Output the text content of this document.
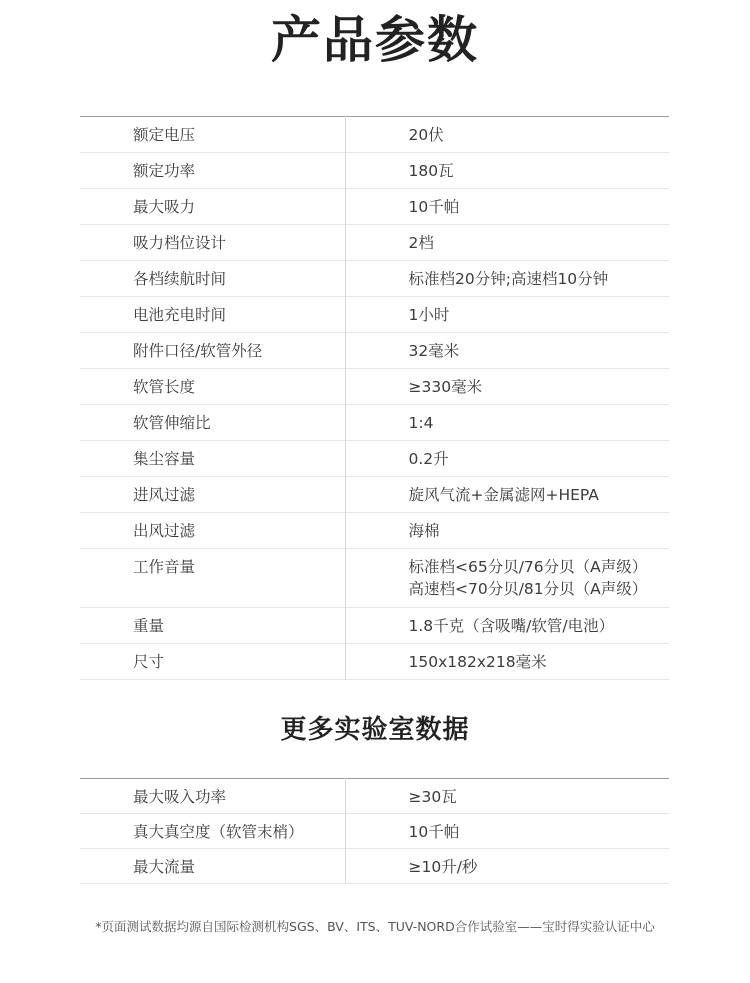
产品参数
额定电压	20伏

额定功率	180瓦

最大吸力	10千帕

吸力档位设计	2档

各档续航时间	标准档20分钟;高速档10分钟

电池充电时间	1小时

附件口径/软管外径	32毫米

软管长度	≥330毫米

软管伸缩比	1:4

集尘容量	0.2升

进风过滤	旋风气流+金属滤网+HEPA

出风过滤	海棉

工作音量	标准档<65分贝/76分贝（A声级）
高速档<70分贝/81分贝（A声级）

重量	1.8千克（含吸嘴/软管/电池）

尺寸	150x182x218毫米
更多实验室数据
最大吸入功率	≥30瓦

真大真空度（软管末梢）	10千帕

最大流量	≥10升/秒
*页面测试数据均源自国际检测机构SGS、BV、ITS、TUV-NORD合作试验室——宝时得实验认证中心
